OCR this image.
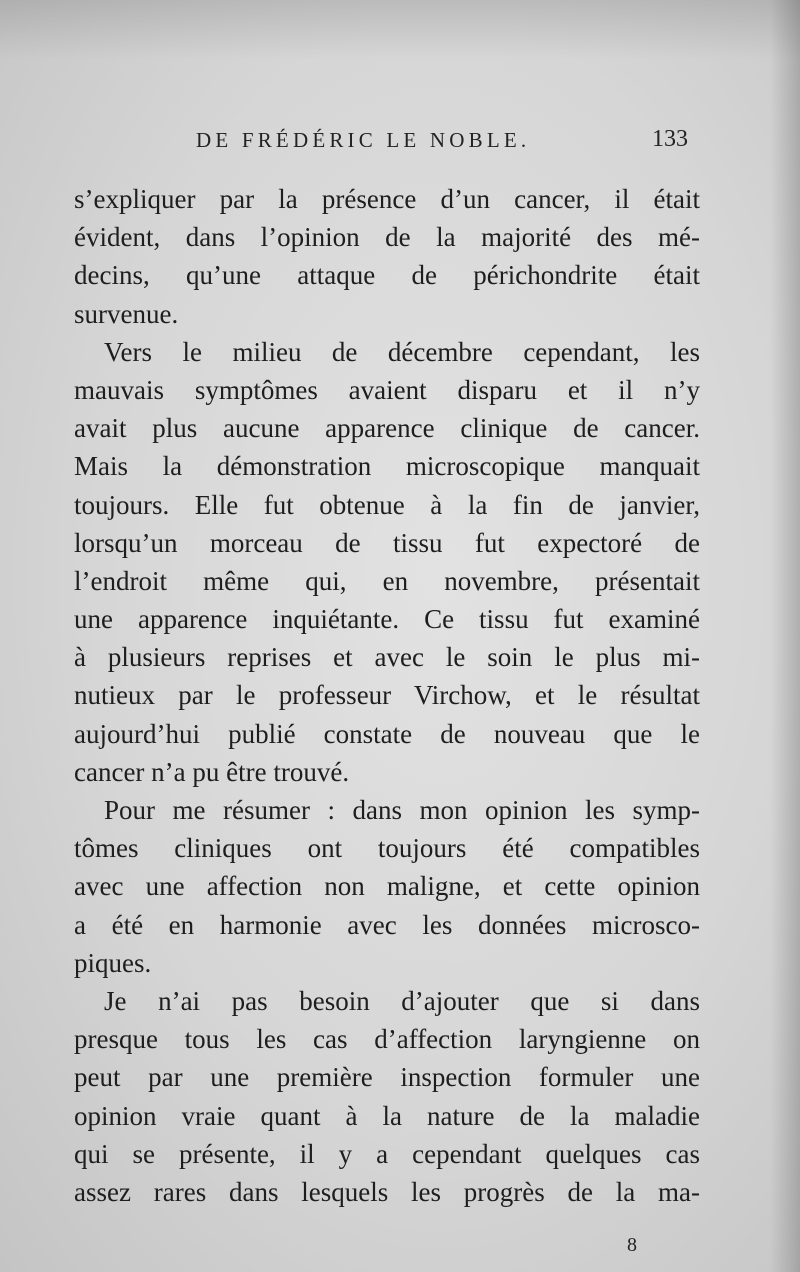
DE FRÉDÉRIC LE NOBLE.	133
s’expliquer par la présence d’un cancer, il était
évident, dans l’opinion de la majorité des mé-
decins, qu’une attaque de périchondrite était
survenue.
Vers le milieu de décembre cependant, les
mauvais symptômes avaient disparu et il n’y
avait plus aucune apparence clinique de cancer.
Mais la démonstration microscopique manquait
toujours. Elle fut obtenue à la fin de janvier,
lorsqu’un morceau de tissu fut expectoré de
l’endroit même qui, en novembre, présentait
une apparence inquiétante. Ce tissu fut examiné
à plusieurs reprises et avec le soin le plus mi-
nutieux par le professeur Virchow, et le résultat
aujourd’hui publié constate de nouveau que le
cancer n’a pu être trouvé.
Pour me résumer : dans mon opinion les symp-
tômes cliniques ont toujours été compatibles
avec une affection non maligne, et cette opinion
a été en harmonie avec les données microsco-
piques.
Je n’ai pas besoin d’ajouter que si dans
presque tous les cas d’affection laryngienne on
peut par une première inspection formuler une
opinion vraie quant à la nature de la maladie
qui se présente, il y a cependant quelques cas
assez rares dans lesquels les progrès de la ma-
8
